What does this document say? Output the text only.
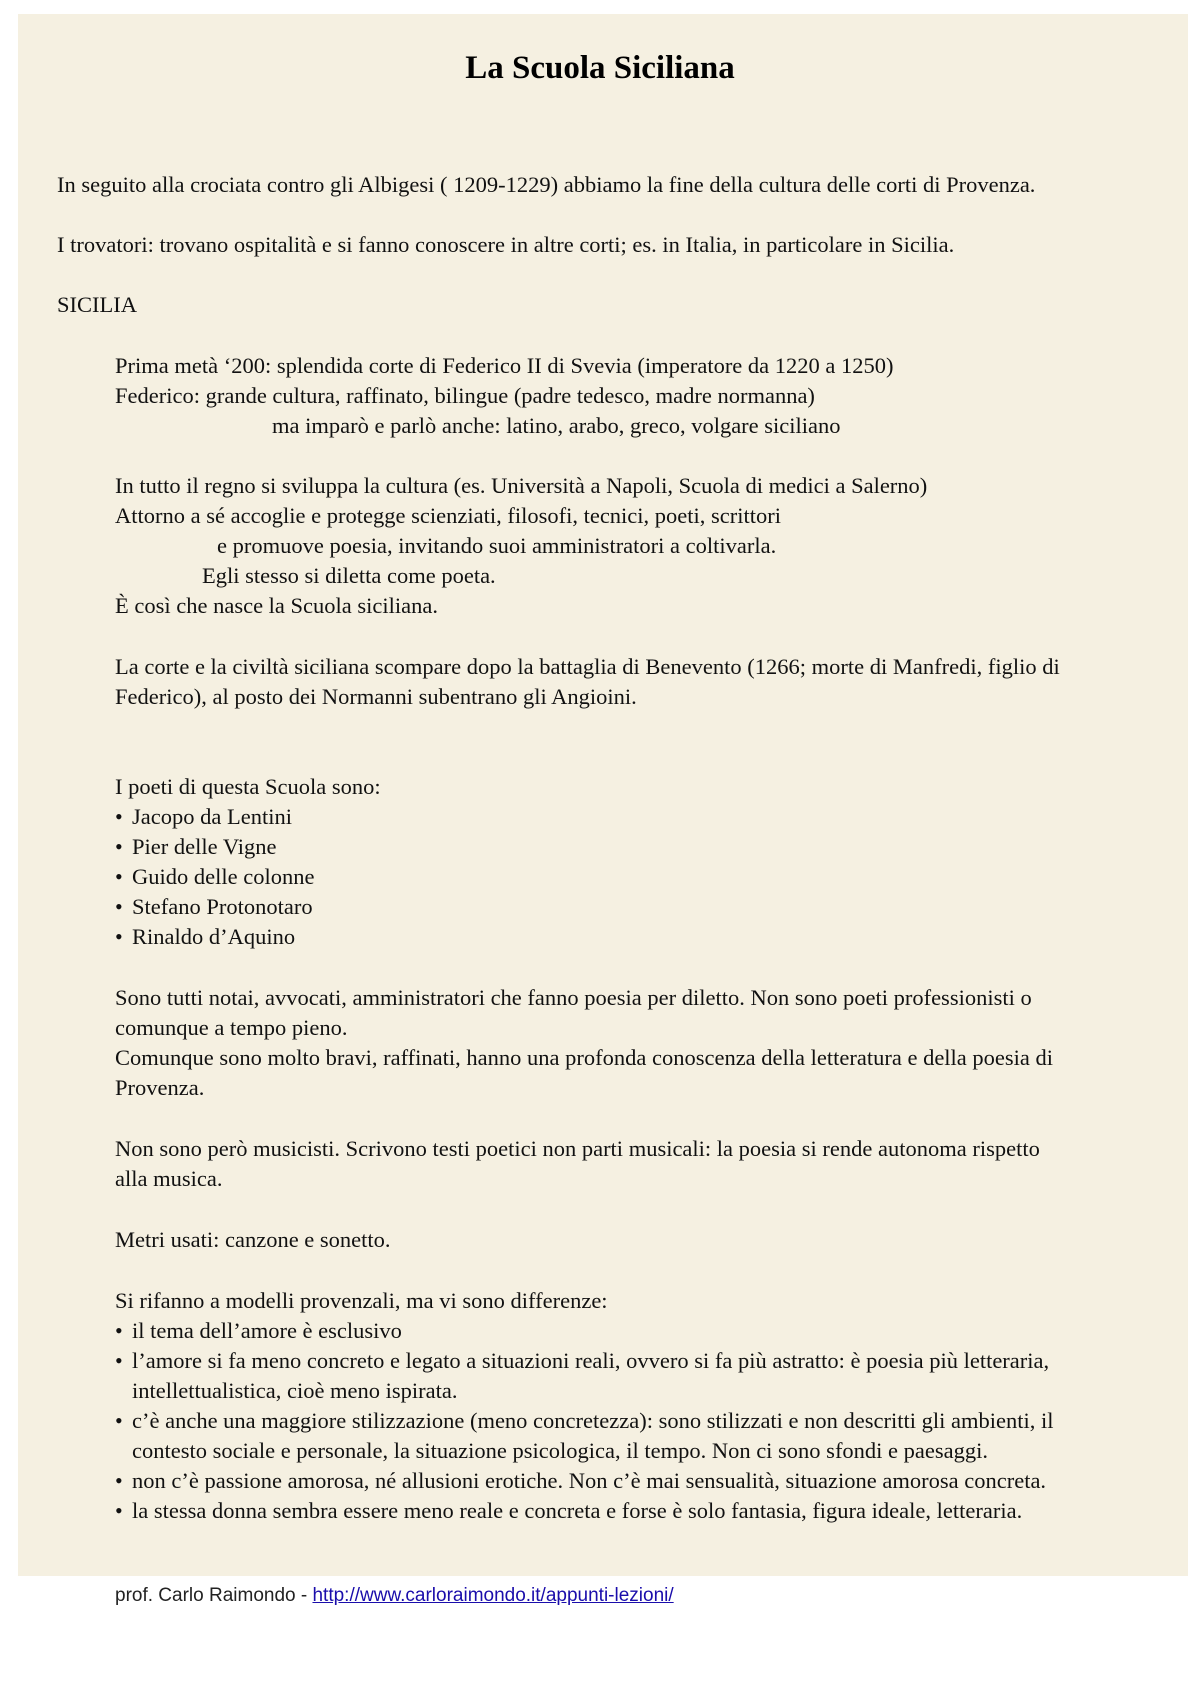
La Scuola Siciliana
In seguito alla crociata contro gli Albigesi ( 1209-1229) abbiamo la fine della cultura delle corti di Provenza.
I trovatori: trovano ospitalità e si fanno conoscere in altre corti; es. in Italia, in particolare in Sicilia.
SICILIA
Prima metà ‘200: splendida corte di Federico II di Svevia (imperatore da 1220 a 1250)
Federico: grande cultura, raffinato, bilingue (padre tedesco, madre normanna)
ma imparò e parlò anche: latino, arabo, greco, volgare siciliano
In tutto il regno si sviluppa la cultura (es. Università a Napoli, Scuola di medici a Salerno)
Attorno a sé accoglie e protegge scienziati, filosofi, tecnici, poeti, scrittori
e promuove poesia, invitando suoi amministratori a coltivarla.
Egli stesso si diletta come poeta.
È così che nasce la Scuola siciliana.
La corte e la civiltà siciliana scompare dopo la battaglia di Benevento (1266; morte di Manfredi, figlio di
Federico), al posto dei Normanni subentrano gli Angioini.
I poeti di questa Scuola sono:
• Jacopo da Lentini
• Pier delle Vigne
• Guido delle colonne
• Stefano Protonotaro
• Rinaldo d’Aquino
Sono tutti notai, avvocati, amministratori che fanno poesia per diletto. Non sono poeti professionisti o
comunque a tempo pieno.
Comunque sono molto bravi, raffinati, hanno una profonda conoscenza della letteratura e della poesia di
Provenza.
Non sono però musicisti. Scrivono testi poetici non parti musicali: la poesia si rende autonoma rispetto
alla musica.
Metri usati: canzone e sonetto.
Si rifanno a modelli provenzali, ma vi sono differenze:
• il tema dell’amore è esclusivo
• l’amore si fa meno concreto e legato a situazioni reali, ovvero si fa più astratto: è poesia più letteraria,
intellettualistica, cioè meno ispirata.
• c’è anche una maggiore stilizzazione (meno concretezza): sono stilizzati e non descritti gli ambienti, il
contesto sociale e personale, la situazione psicologica, il tempo. Non ci sono sfondi e paesaggi.
• non c’è passione amorosa, né allusioni erotiche. Non c’è mai sensualità, situazione amorosa concreta.
• la stessa donna sembra essere meno reale e concreta e forse è solo fantasia, figura ideale, letteraria.
prof. Carlo Raimondo - http://www.carloraimondo.it/appunti-lezioni/
